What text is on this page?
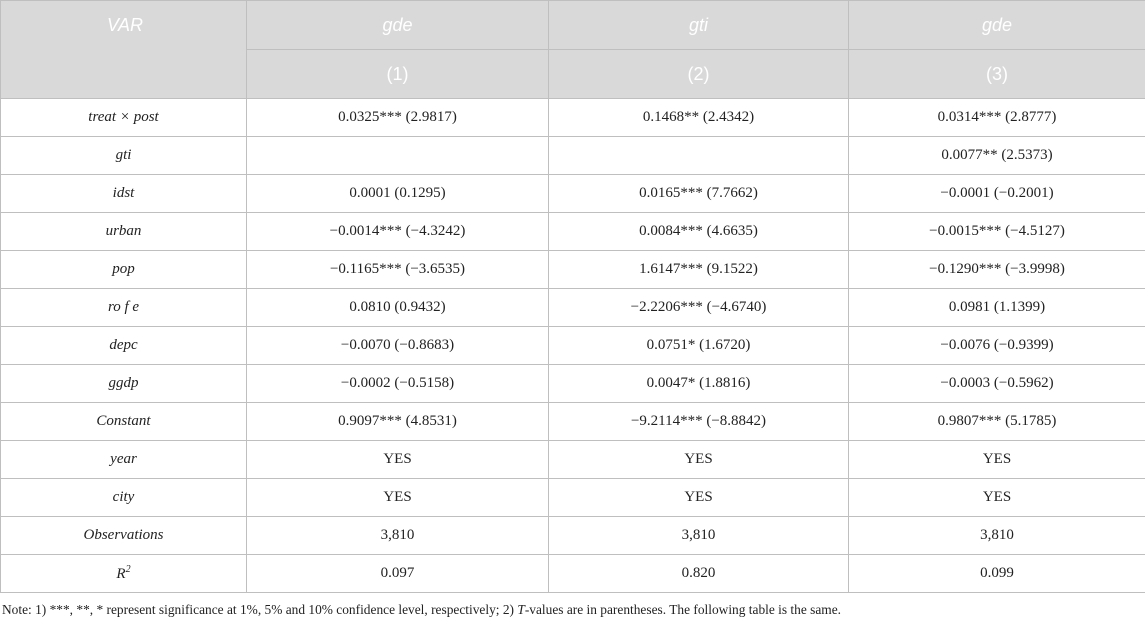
VAR	gde	gti	gde
	(1)	(2)	(3)
treat × post	0.0325*** (2.9817)	0.1468** (2.4342)	0.0314*** (2.8777)
gti			0.0077** (2.5373)
idst	0.0001 (0.1295)	0.0165*** (7.7662)	−0.0001 (−0.2001)
urban	−0.0014*** (−4.3242)	0.0084*** (4.6635)	−0.0015*** (−4.5127)
pop	−0.1165*** (−3.6535)	1.6147*** (9.1522)	−0.1290*** (−3.9998)
ro f e	0.0810 (0.9432)	−2.2206*** (−4.6740)	0.0981 (1.1399)
depc	−0.0070 (−0.8683)	0.0751* (1.6720)	−0.0076 (−0.9399)
ggdp	−0.0002 (−0.5158)	0.0047* (1.8816)	−0.0003 (−0.5962)
Constant	0.9097*** (4.8531)	−9.2114*** (−8.8842)	0.9807*** (5.1785)
year	YES	YES	YES
city	YES	YES	YES
Observations	3,810	3,810	3,810
$R^2$	0.097	0.820	0.099
Note: 1) ***, **, * represent significance at 1%, 5% and 10% confidence level, respectively; 2) T-values are in parentheses. The following table is the same.
